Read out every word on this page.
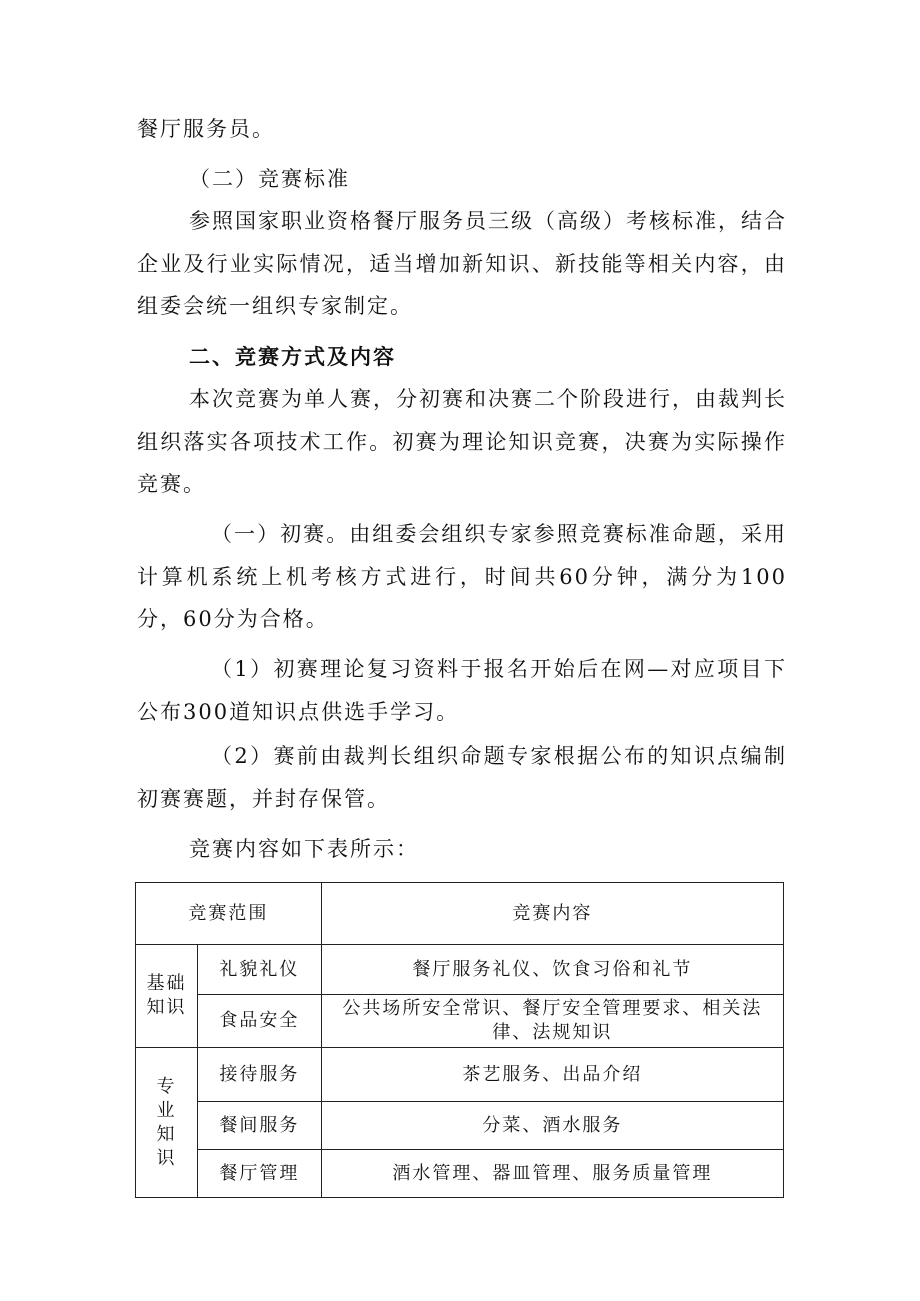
餐厅服务员。

（二）竞赛标准

参照国家职业资格餐厅服务员三级（高级）考核标准，结合企业及行业实际情况，适当增加新知识、新技能等相关内容，由组委会统一组织专家制定。

二、竞赛方式及内容

本次竞赛为单人赛，分初赛和决赛二个阶段进行，由裁判长组织落实各项技术工作。初赛为理论知识竞赛，决赛为实际操作竞赛。

（一）初赛。由组委会组织专家参照竞赛标准命题，采用计算机系统上机考核方式进行，时间共60分钟，满分为100分，60分为合格。

（1）初赛理论复习资料于报名开始后在网—对应项目下公布300道知识点供选手学习。

（2）赛前由裁判长组织命题专家根据公布的知识点编制初赛赛题，并封存保管。

竞赛内容如下表所示：

竞赛范围		竞赛内容
基础知识	礼貌礼仪	餐厅服务礼仪、饮食习俗和礼节
	食品安全	公共场所安全常识、餐厅安全管理要求、相关法律、法规知识
专业知识	接待服务	茶艺服务、出品介绍
	餐间服务	分菜、酒水服务
	餐厅管理	酒水管理、器皿管理、服务质量管理
